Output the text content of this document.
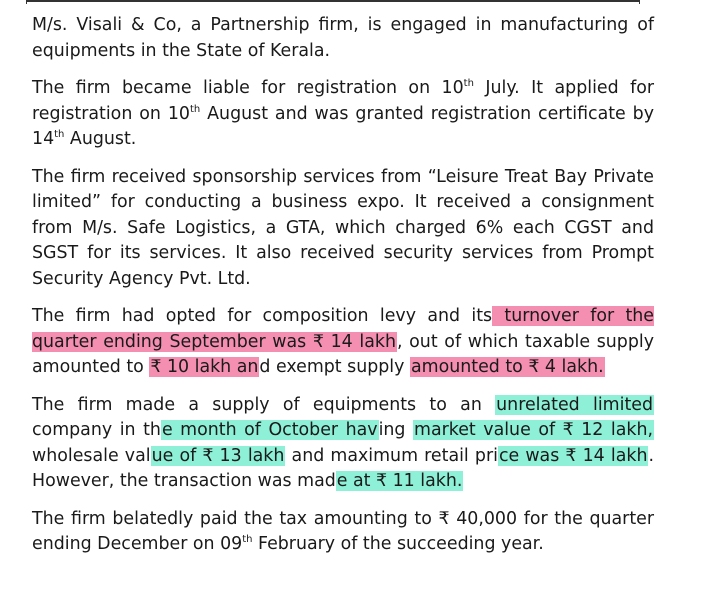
M/s. Visali & Co, a Partnership firm, is engaged in manufacturing of equipments in the State of Kerala.

The firm became liable for registration on 10th July. It applied for registration on 10th August and was granted registration certificate by 14th August.

The firm received sponsorship services from “Leisure Treat Bay Private limited” for conducting a business expo. It received a consignment from M/s. Safe Logistics, a GTA, which charged 6% each CGST and SGST for its services. It also received security services from Prompt Security Agency Pvt. Ltd.

The firm had opted for composition levy and its turnover for the quarter ending September was ₹ 14 lakh, out of which taxable supply amounted to ₹ 10 lakh and exempt supply amounted to ₹ 4 lakh.

The firm made a supply of equipments to an unrelated limited company in the month of October having market value of ₹ 12 lakh, wholesale value of ₹ 13 lakh and maximum retail price was ₹ 14 lakh. However, the transaction was made at ₹ 11 lakh.

The firm belatedly paid the tax amounting to ₹ 40,000 for the quarter ending December on 09th February of the succeeding year.
